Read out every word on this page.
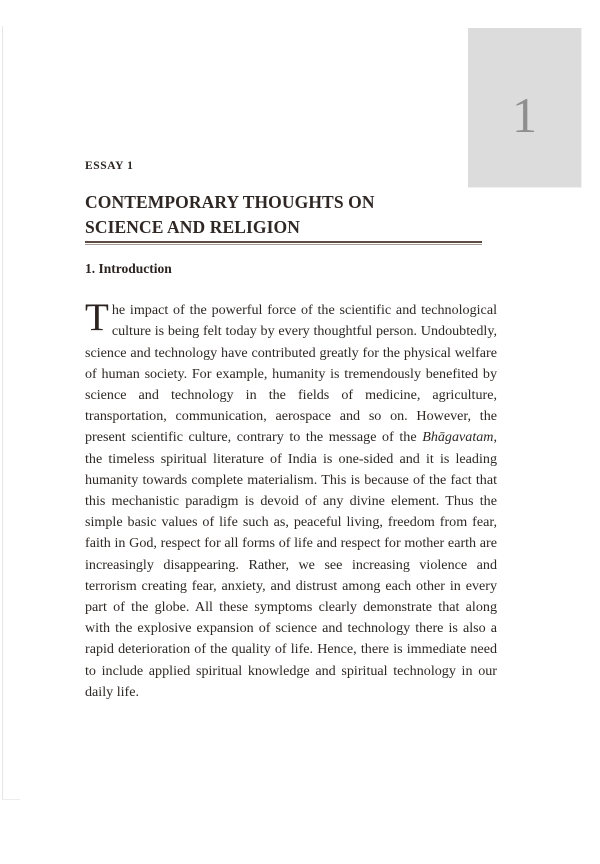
1
ESSAY 1
CONTEMPORARY THOUGHTS ON
SCIENCE AND RELIGION
1. Introduction

The impact of the powerful force of the scientific and technological culture is being felt today by every thoughtful person. Undoubtedly, science and technology have contributed greatly for the physical welfare of human society. For example, humanity is tremendously benefited by science and technology in the fields of medicine, agriculture, transportation, communication, aerospace and so on. However, the present scientific culture, contrary to the message of the Bhāgavatam, the timeless spiritual literature of India is one-sided and it is leading humanity towards complete materialism. This is because of the fact that this mechanistic paradigm is devoid of any divine element. Thus the simple basic values of life such as, peaceful living, freedom from fear, faith in God, respect for all forms of life and respect for mother earth are increasingly disappearing. Rather, we see increasing violence and terrorism creating fear, anxiety, and distrust among each other in every part of the globe. All these symptoms clearly demonstrate that along with the explosive expansion of science and technology there is also a rapid deterioration of the quality of life. Hence, there is immediate need to include applied spiritual knowledge and spiritual technology in our daily life.
